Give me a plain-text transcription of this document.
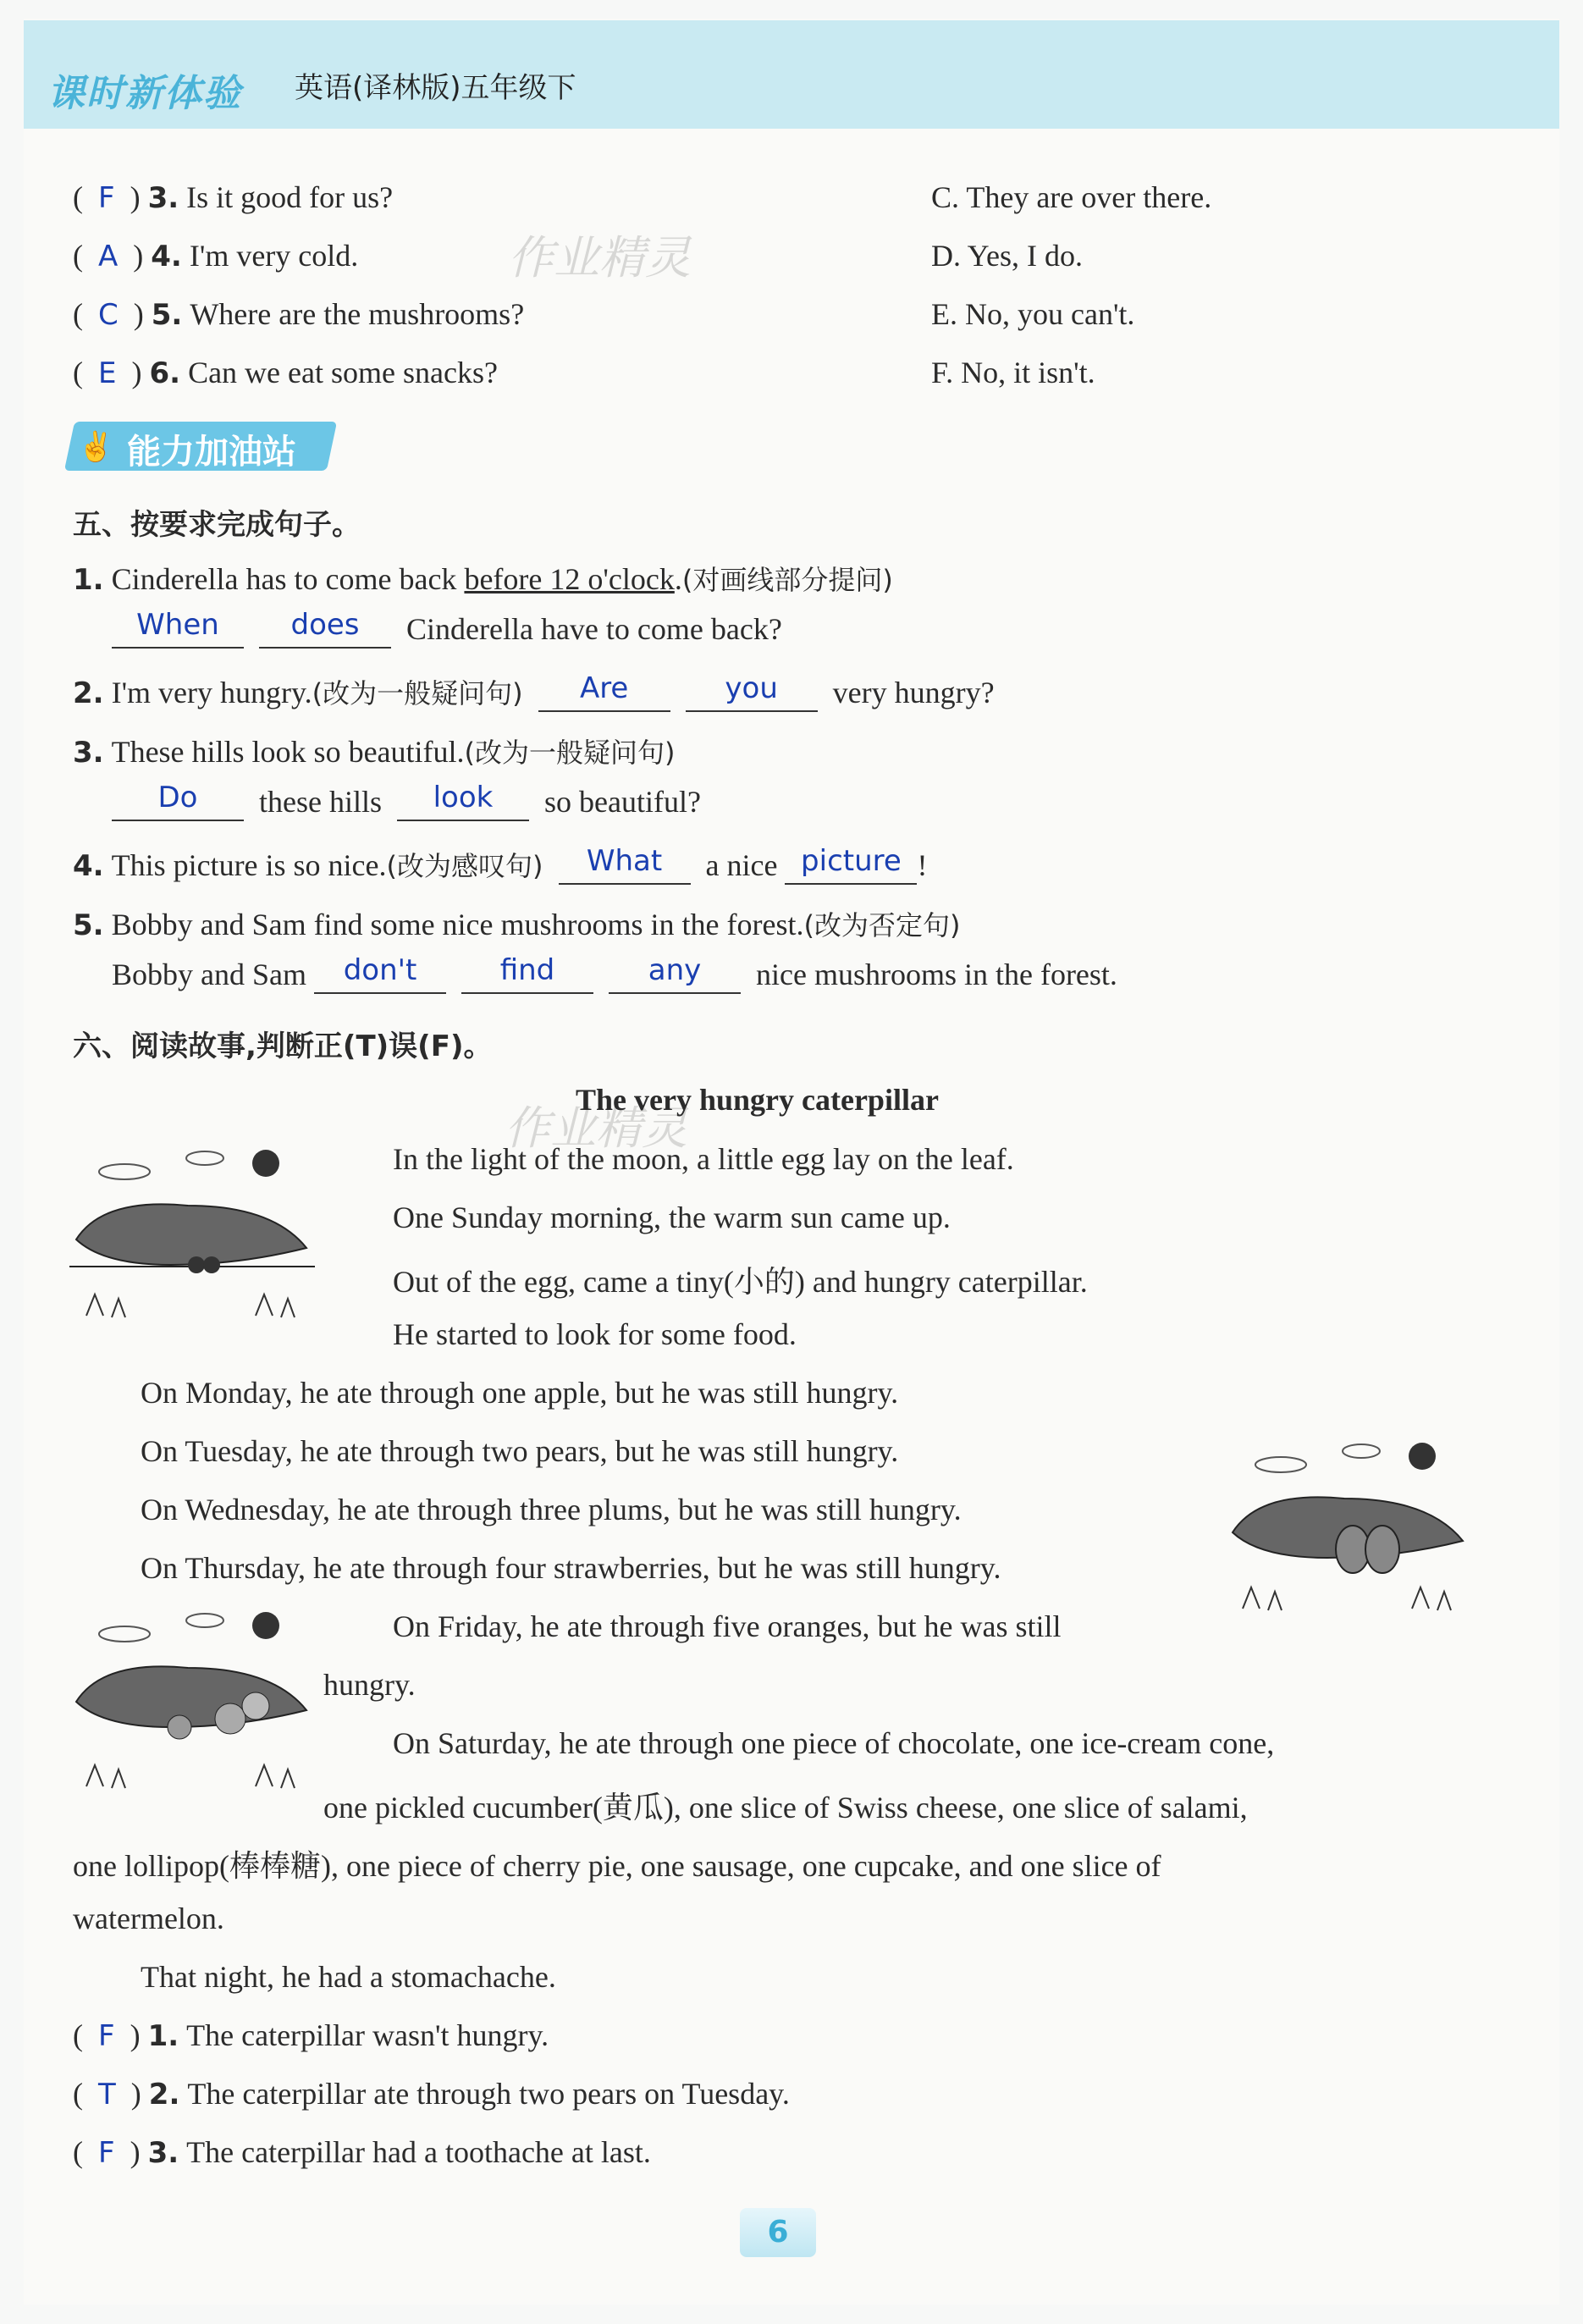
课时新体验 英语(译林版)五年级下
作业精灵
作业精灵
(  F  ) 3. Is it good for us?
(  A  ) 4. I'm very cold.
(  C  ) 5. Where are the mushrooms?
(  E  ) 6. Can we eat some snacks?
C. They are over there.
D. Yes, I do.
E. No, you can't.
F. No, it isn't.
✌ 能力加油站
五、按要求完成句子。
1. Cinderella has to come back before 12 o'clock.(对画线部分提问)
When does Cinderella have to come back?
2. I'm very hungry.(改为一般疑问句) Are	you very hungry?
3. These hills look so beautiful.(改为一般疑问句)
Do these hills look so beautiful?
4. This picture is so nice.(改为感叹句) What a nice picture !
5. Bobby and Sam find some nice mushrooms in the forest.(改为否定句)
Bobby and Sam don't	find	any nice mushrooms in the forest.
六、阅读故事,判断正(T)误(F)。
The very hungry caterpillar
In the light of the moon, a little egg lay on the leaf.
One Sunday morning, the warm sun came up.
Out of the egg, came a tiny(小的) and hungry caterpillar.
He started to look for some food.
On Monday, he ate through one apple, but he was still hungry.
On Tuesday, he ate through two pears, but he was still hungry.
On Wednesday, he ate through three plums, but he was still hungry.
On Thursday, he ate through four strawberries, but he was still hungry.
On Friday, he ate through five oranges, but he was still
hungry.
On Saturday, he ate through one piece of chocolate, one ice-cream cone,
one pickled cucumber(黄瓜), one slice of Swiss cheese, one slice of salami,
one lollipop(棒棒糖), one piece of cherry pie, one sausage, one cupcake, and one slice of
watermelon.
That night, he had a stomachache.
(  F  ) 1. The caterpillar wasn't hungry.
(  T  ) 2. The caterpillar ate through two pears on Tuesday.
(  F  ) 3. The caterpillar had a toothache at last.
6
